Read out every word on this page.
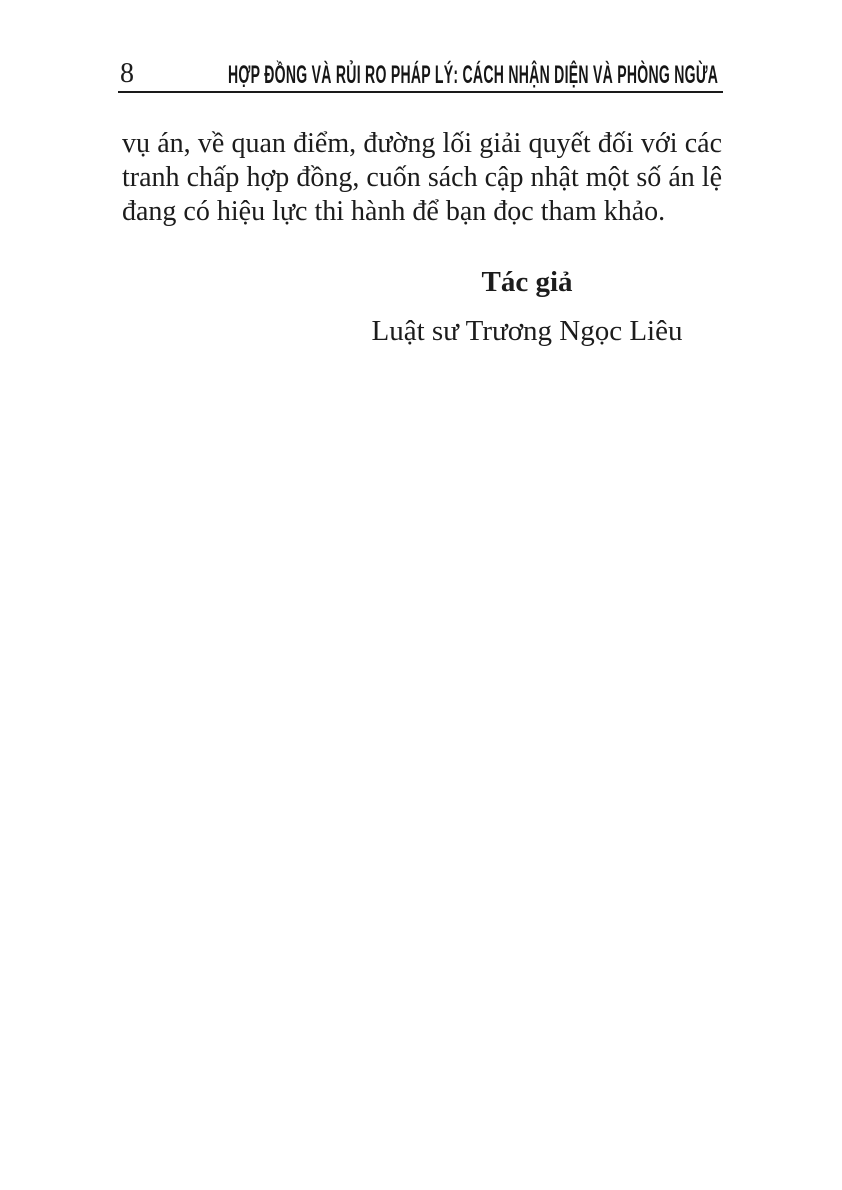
8	HỢP ĐỒNG VÀ RỦI RO PHÁP LÝ: CÁCH NHẬN DIỆN VÀ PHÒNG NGỪA
vụ án, về quan điểm, đường lối giải quyết đối với các
tranh chấp hợp đồng, cuốn sách cập nhật một số án lệ
đang có hiệu lực thi hành để bạn đọc tham khảo.
Tác giả
Luật sư Trương Ngọc Liêu
